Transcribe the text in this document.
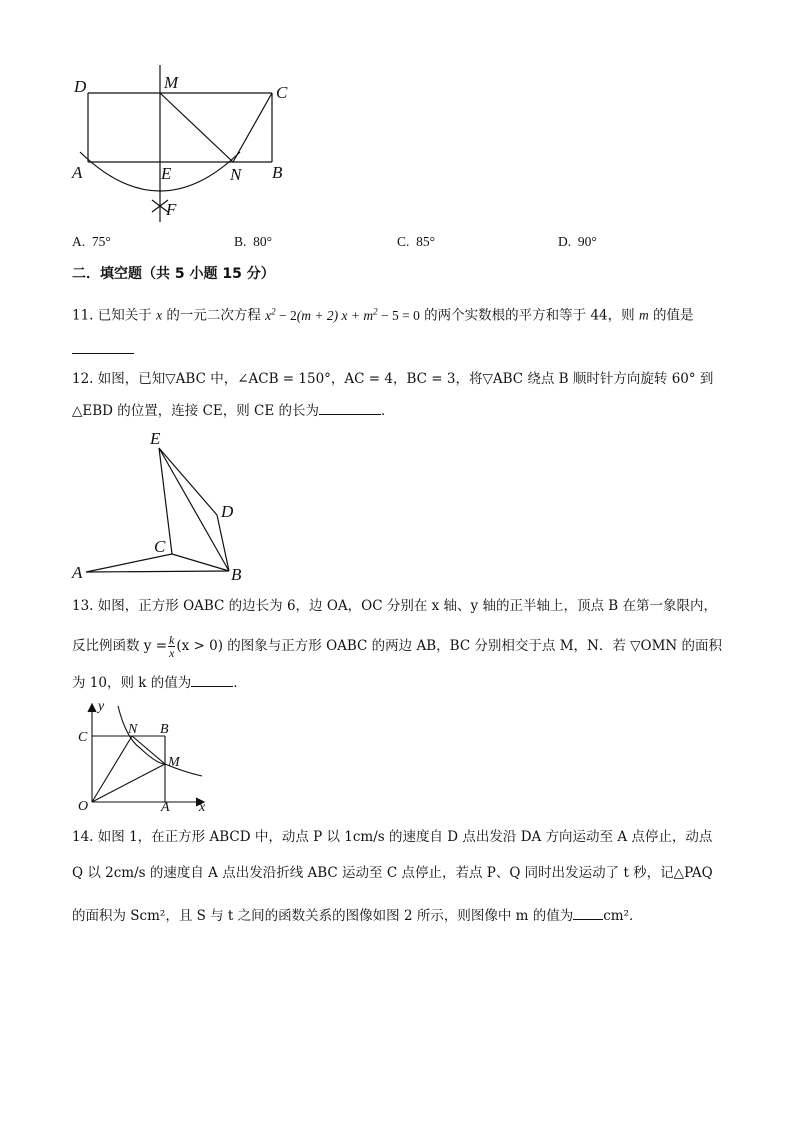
D	M
C
A	E	N B
F
A. 75°	B. 80°	C. 85°	D. 90°
二．填空题（共 5 小题 15 分）
11. 已知关于 x 的一元二次方程 $x^2 - 2(m + 2) x + m^2 - 5 = 0$ 的两个实数根的平方和等于 44，则 m 的值是
12. 如图，已知▽ABC 中，∠ACB = 150°，AC = 4，BC = 3，将▽ABC 绕点 B 顺时针方向旋转 60° 到
△EBD 的位置，连接 CE，则 CE 的长为	．
E
D
C
A	B
13. 如图，正方形 OABC 的边长为 6，边 OA，OC 分别在 x 轴、y 轴的正半轴上，顶点 B 在第一象限内，
反比例函数 $y = \frac{k}{x} (x > 0)$ 的图象与正方形 OABC 的两边 AB，BC 分别相交于点 M，N．若 ▽OMN 的面积
为 10，则 k 的值为	．
y
x
N B
C
M
O	A
14. 如图 1，在正方形 ABCD 中，动点 P 以 1cm/s 的速度自 D 点出发沿 DA 方向运动至 A 点停止，动点
Q 以 2cm/s 的速度自 A 点出发沿折线 ABC 运动至 C 点停止，若点 P、Q 同时出发运动了 t 秒，记△PAQ
的面积为 Scm²，且 S 与 t 之间的函数关系的图像如图 2 所示，则图像中 m 的值为 cm²．
